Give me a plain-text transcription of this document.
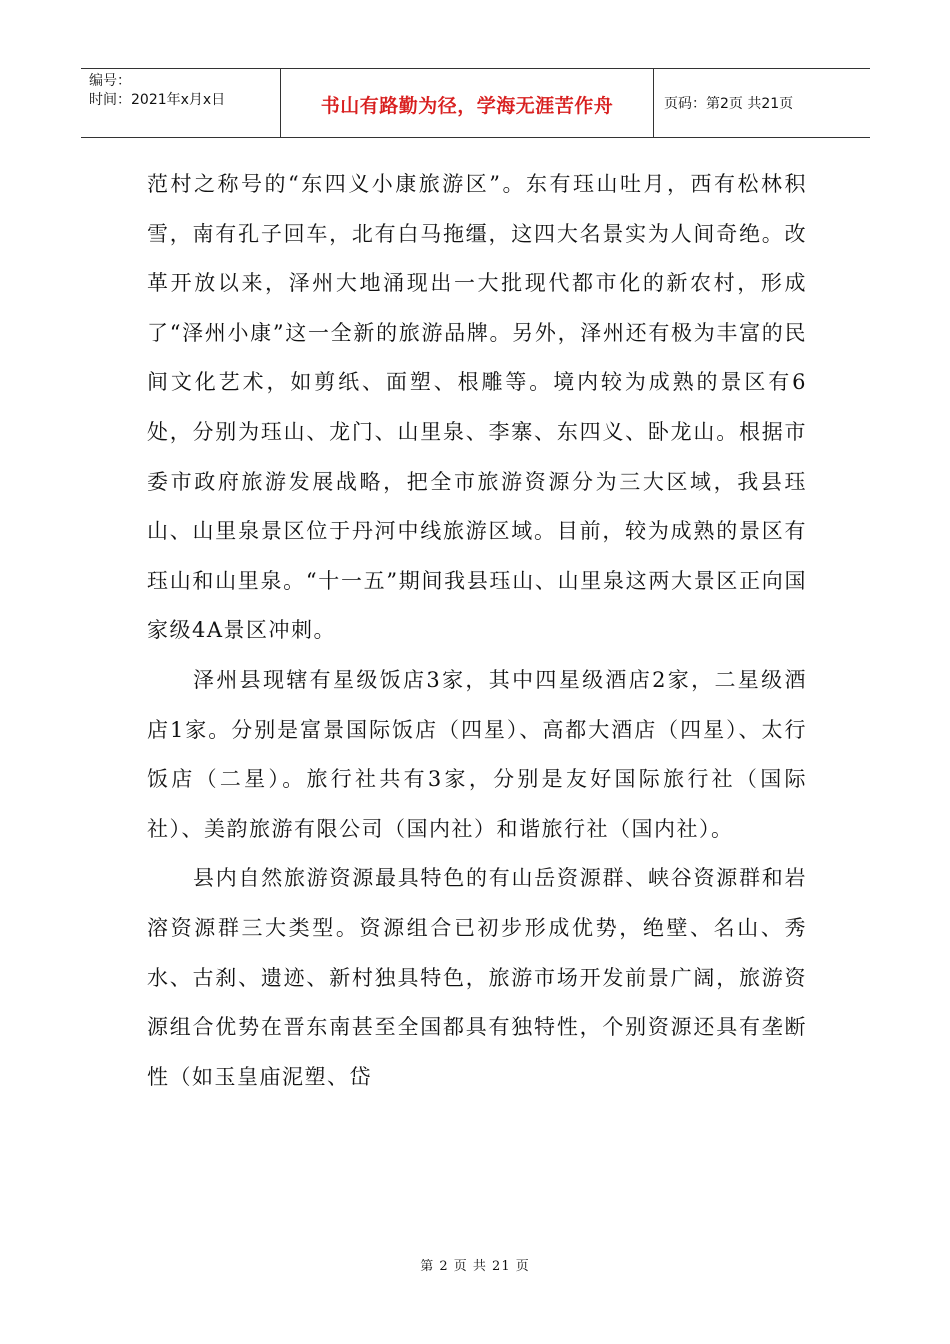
编号：
时间：2021年x月x日	书山有路勤为径，学海无涯苦作舟	页码：第2页 共21页

范村之称号的“东四义小康旅游区”。东有珏山吐月，西有松林积雪，南有孔子回车，北有白马拖缰，这四大名景实为人间奇绝。改革开放以来，泽州大地涌现出一大批现代都市化的新农村，形成了“泽州小康”这一全新的旅游品牌。另外，泽州还有极为丰富的民间文化艺术，如剪纸、面塑、根雕等。境内较为成熟的景区有6处，分别为珏山、龙门、山里泉、李寨、东四义、卧龙山。根据市委市政府旅游发展战略，把全市旅游资源分为三大区域，我县珏山、山里泉景区位于丹河中线旅游区域。目前，较为成熟的景区有珏山和山里泉。“十一五”期间我县珏山、山里泉这两大景区正向国家级4A景区冲刺。

泽州县现辖有星级饭店3家，其中四星级酒店2家，二星级酒店1家。分别是富景国际饭店（四星）、高都大酒店（四星）、太行饭店（二星）。旅行社共有3家，分别是友好国际旅行社（国际社）、美韵旅游有限公司（国内社）和谐旅行社（国内社）。

县内自然旅游资源最具特色的有山岳资源群、峡谷资源群和岩溶资源群三大类型。资源组合已初步形成优势，绝壁、名山、秀水、古刹、遗迹、新村独具特色，旅游市场开发前景广阔，旅游资源组合优势在晋东南甚至全国都具有独特性，个别资源还具有垄断性（如玉皇庙泥塑、岱

第 2 页 共 21 页
